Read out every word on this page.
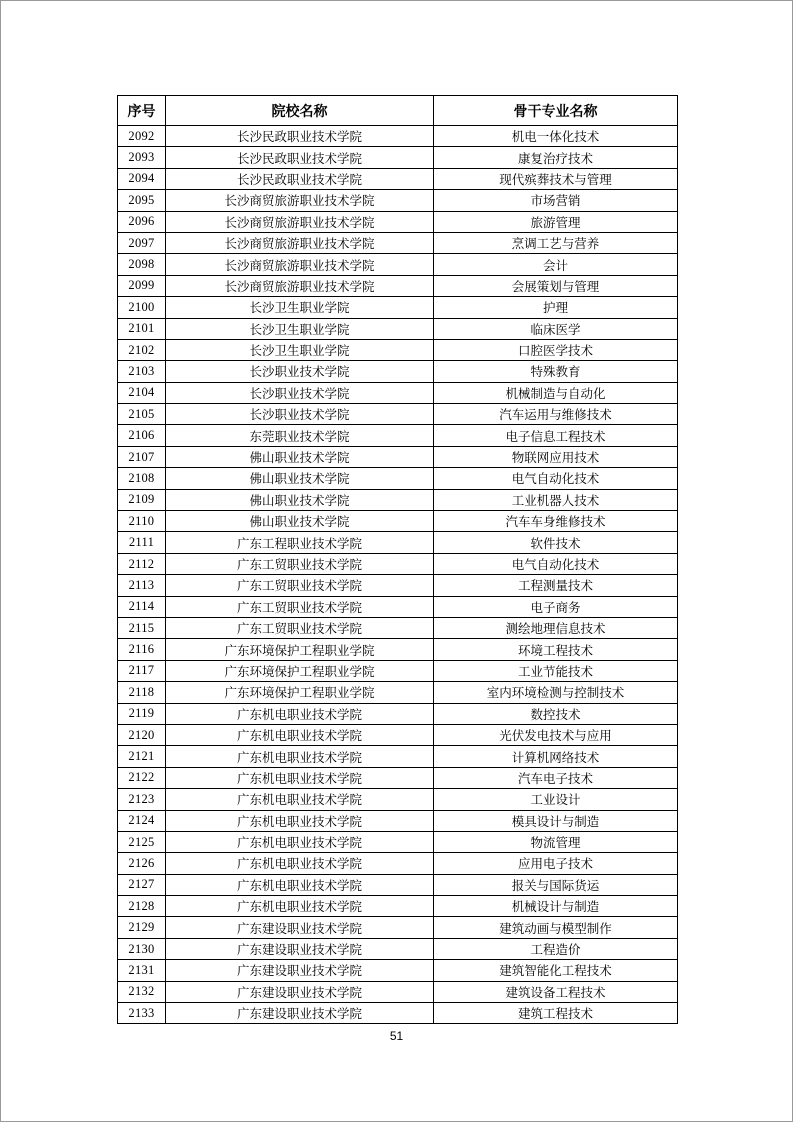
序号	院校名称	骨干专业名称
2092	长沙民政职业技术学院	机电一体化技术
2093	长沙民政职业技术学院	康复治疗技术
2094	长沙民政职业技术学院	现代殡葬技术与管理
2095	长沙商贸旅游职业技术学院	市场营销
2096	长沙商贸旅游职业技术学院	旅游管理
2097	长沙商贸旅游职业技术学院	烹调工艺与营养
2098	长沙商贸旅游职业技术学院	会计
2099	长沙商贸旅游职业技术学院	会展策划与管理
2100	长沙卫生职业学院	护理
2101	长沙卫生职业学院	临床医学
2102	长沙卫生职业学院	口腔医学技术
2103	长沙职业技术学院	特殊教育
2104	长沙职业技术学院	机械制造与自动化
2105	长沙职业技术学院	汽车运用与维修技术
2106	东莞职业技术学院	电子信息工程技术
2107	佛山职业技术学院	物联网应用技术
2108	佛山职业技术学院	电气自动化技术
2109	佛山职业技术学院	工业机器人技术
2110	佛山职业技术学院	汽车车身维修技术
2111	广东工程职业技术学院	软件技术
2112	广东工贸职业技术学院	电气自动化技术
2113	广东工贸职业技术学院	工程测量技术
2114	广东工贸职业技术学院	电子商务
2115	广东工贸职业技术学院	测绘地理信息技术
2116	广东环境保护工程职业学院	环境工程技术
2117	广东环境保护工程职业学院	工业节能技术
2118	广东环境保护工程职业学院	室内环境检测与控制技术
2119	广东机电职业技术学院	数控技术
2120	广东机电职业技术学院	光伏发电技术与应用
2121	广东机电职业技术学院	计算机网络技术
2122	广东机电职业技术学院	汽车电子技术
2123	广东机电职业技术学院	工业设计
2124	广东机电职业技术学院	模具设计与制造
2125	广东机电职业技术学院	物流管理
2126	广东机电职业技术学院	应用电子技术
2127	广东机电职业技术学院	报关与国际货运
2128	广东机电职业技术学院	机械设计与制造
2129	广东建设职业技术学院	建筑动画与模型制作
2130	广东建设职业技术学院	工程造价
2131	广东建设职业技术学院	建筑智能化工程技术
2132	广东建设职业技术学院	建筑设备工程技术
2133	广东建设职业技术学院	建筑工程技术
51
